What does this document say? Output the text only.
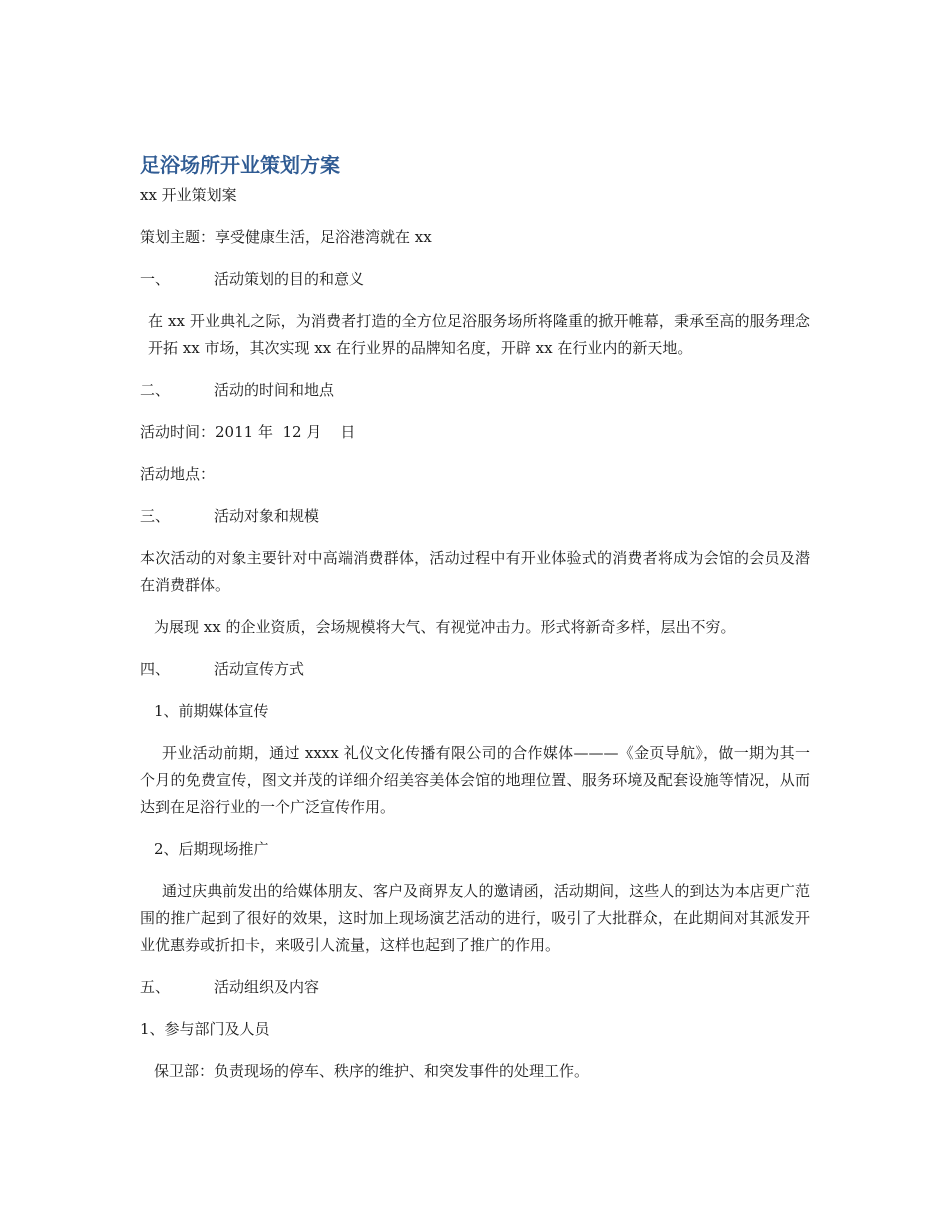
足浴场所开业策划方案

xx 开业策划案

策划主题：享受健康生活，足浴港湾就在 xx

一、	活动策划的目的和意义

在 xx 开业典礼之际，为消费者打造的全方位足浴服务场所将隆重的掀开帷幕，秉承至高的服务理念开拓 xx 市场，其次实现 xx 在行业界的品牌知名度，开辟 xx 在行业内的新天地。

二、	活动的时间和地点

活动时间：2011 年  12 月    日

活动地点：

三、	活动对象和规模

本次活动的对象主要针对中高端消费群体，活动过程中有开业体验式的消费者将成为会馆的会员及潜在消费群体。

为展现 xx 的企业资质，会场规模将大气、有视觉冲击力。形式将新奇多样，层出不穷。

四、	活动宣传方式

1、前期媒体宣传

开业活动前期，通过 xxxx 礼仪文化传播有限公司的合作媒体———《金页导航》，做一期为其一个月的免费宣传，图文并茂的详细介绍美容美体会馆的地理位置、服务环境及配套设施等情况，从而达到在足浴行业的一个广泛宣传作用。

2、后期现场推广

通过庆典前发出的给媒体朋友、客户及商界友人的邀请函，活动期间，这些人的到达为本店更广范围的推广起到了很好的效果，这时加上现场演艺活动的进行，吸引了大批群众，在此期间对其派发开业优惠券或折扣卡，来吸引人流量，这样也起到了推广的作用。

五、	活动组织及内容

1、参与部门及人员

保卫部：负责现场的停车、秩序的维护、和突发事件的处理工作。
